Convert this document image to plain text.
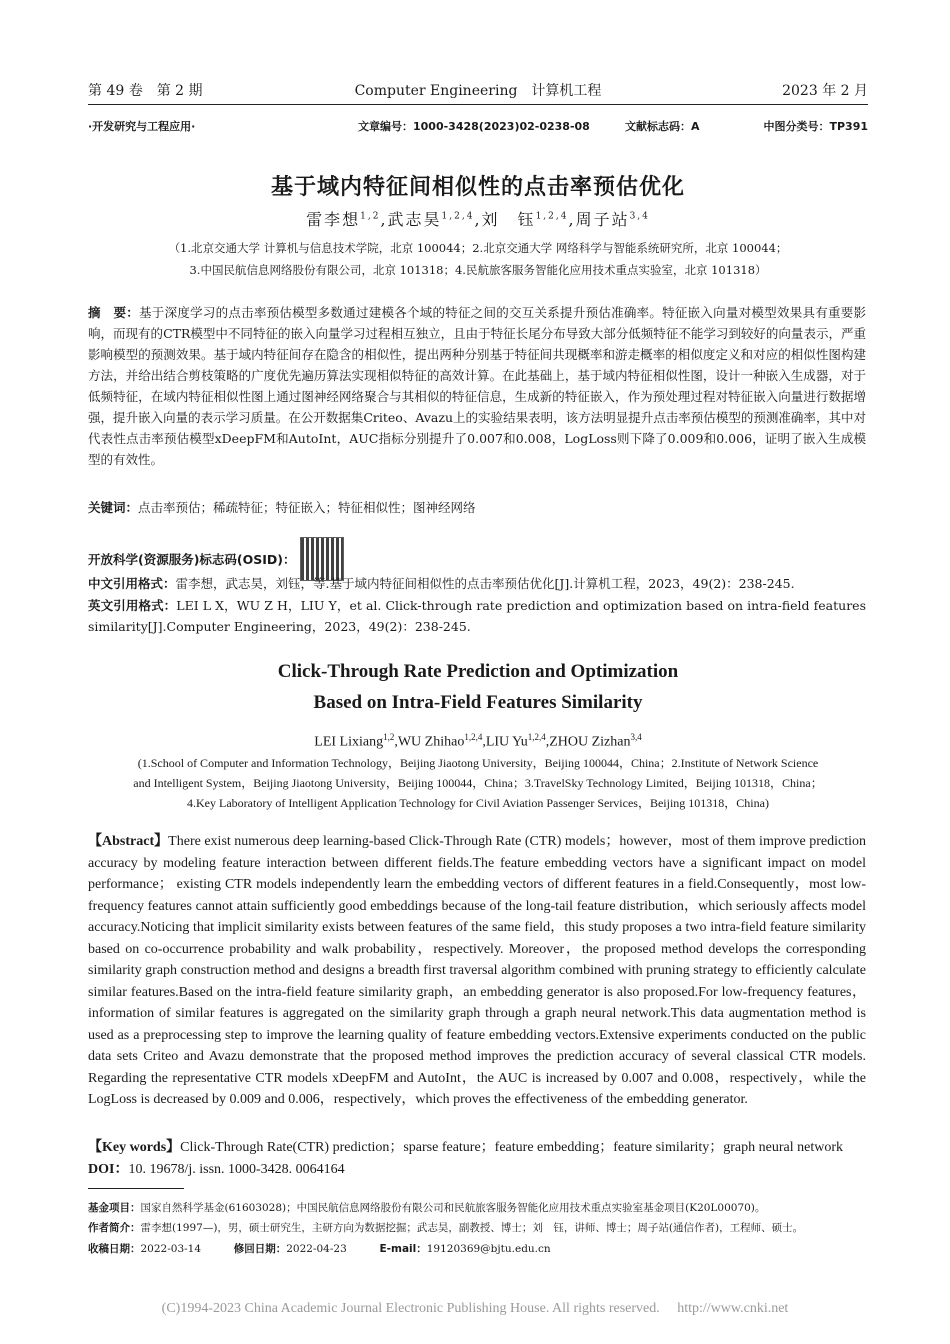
第 49 卷　第 2 期	Computer Engineering　计算机工程	2023 年 2 月
·开发研究与工程应用·	文章编号：1000-3428(2023)02-0238-08	文献标志码：A	中图分类号：TP391
基于域内特征间相似性的点击率预估优化
雷李想$^{1,2}$,武志昊$^{1,2,4}$,刘　钰$^{1,2,4}$,周子站$^{3,4}$
（1.北京交通大学 计算机与信息技术学院，北京 100044；2.北京交通大学 网络科学与智能系统研究所，北京 100044；
3.中国民航信息网络股份有限公司，北京 101318；4.民航旅客服务智能化应用技术重点实验室，北京 101318）
摘　要：基于深度学习的点击率预估模型多数通过建模各个域的特征之间的交互关系提升预估准确率。特征嵌入向量对模型效果具有重要影响，而现有的CTR模型中不同特征的嵌入向量学习过程相互独立，且由于特征长尾分布导致大部分低频特征不能学习到较好的向量表示，严重影响模型的预测效果。基于域内特征间存在隐含的相似性，提出两种分别基于特征间共现概率和游走概率的相似度定义和对应的相似性图构建方法，并给出结合剪枝策略的广度优先遍历算法实现相似特征的高效计算。在此基础上，基于域内特征相似性图，设计一种嵌入生成器，对于低频特征，在域内特征相似性图上通过图神经网络聚合与其相似的特征信息，生成新的特征嵌入，作为预处理过程对特征嵌入向量进行数据增强，提升嵌入向量的表示学习质量。在公开数据集Criteo、Avazu上的实验结果表明，该方法明显提升点击率预估模型的预测准确率，其中对代表性点击率预估模型xDeepFM和AutoInt，AUC指标分别提升了0.007和0.008，LogLoss则下降了0.009和0.006，证明了嵌入生成模型的有效性。
关键词：点击率预估；稀疏特征；特征嵌入；特征相似性；图神经网络
开放科学(资源服务)标志码(OSID)：
中文引用格式：雷李想，武志昊，刘钰，等.基于域内特征间相似性的点击率预估优化[J].计算机工程，2023，49(2)：238-245.
英文引用格式：LEI L X，WU Z H，LIU Y，et al. Click-through rate prediction and optimization based on intra-field features similarity[J].Computer Engineering，2023，49(2)：238-245.
Click-Through Rate Prediction and Optimization
Based on Intra-Field Features Similarity
LEI Lixiang$^{1,2}$,WU Zhihao$^{1,2,4}$,LIU Yu$^{1,2,4}$,ZHOU Zizhan$^{3,4}$
(1.School of Computer and Information Technology，Beijing Jiaotong University，Beijing 100044，China；2.Institute of Network Science
and Intelligent System，Beijing Jiaotong University，Beijing 100044，China；3.TravelSky Technology Limited，Beijing 101318，China；
4.Key Laboratory of Intelligent Application Technology for Civil Aviation Passenger Services，Beijing 101318，China)
【Abstract】There exist numerous deep learning-based Click-Through Rate (CTR) models；however，most of them improve prediction accuracy by modeling feature interaction between different fields.The feature embedding vectors have a significant impact on model performance； existing CTR models independently learn the embedding vectors of different features in a field.Consequently，most low-frequency features cannot attain sufficiently good embeddings because of the long-tail feature distribution，which seriously affects model accuracy.Noticing that implicit similarity exists between features of the same field，this study proposes a two intra-field feature similarity based on co-occurrence probability and walk probability，respectively. Moreover，the proposed method develops the corresponding similarity graph construction method and designs a breadth first traversal algorithm combined with pruning strategy to efficiently calculate similar features.Based on the intra-field feature similarity graph，an embedding generator is also proposed.For low-frequency features，information of similar features is aggregated on the similarity graph through a graph neural network.This data augmentation method is used as a preprocessing step to improve the learning quality of feature embedding vectors.Extensive experiments conducted on the public data sets Criteo and Avazu demonstrate that the proposed method improves the prediction accuracy of several classical CTR models. Regarding the representative CTR models xDeepFM and AutoInt，the AUC is increased by 0.007 and 0.008，respectively，while the LogLoss is decreased by 0.009 and 0.006，respectively，which proves the effectiveness of the embedding generator.
【Key words】Click-Through Rate(CTR) prediction；sparse feature；feature embedding；feature similarity；graph neural network
DOI：10. 19678/j. issn. 1000-3428. 0064164
基金项目：国家自然科学基金(61603028)；中国民航信息网络股份有限公司和民航旅客服务智能化应用技术重点实验室基金项目(K20L00070)。
作者简介：雷李想(1997—)，男，硕士研究生，主研方向为数据挖掘；武志昊，副教授、博士；刘　钰，讲师、博士；周子站(通信作者)，工程师、硕士。
收稿日期：2022-03-14	修回日期：2022-04-23	E-mail：19120369@bjtu.edu.cn
(C)1994-2023 China Academic Journal Electronic Publishing House. All rights reserved.　 http://www.cnki.net
